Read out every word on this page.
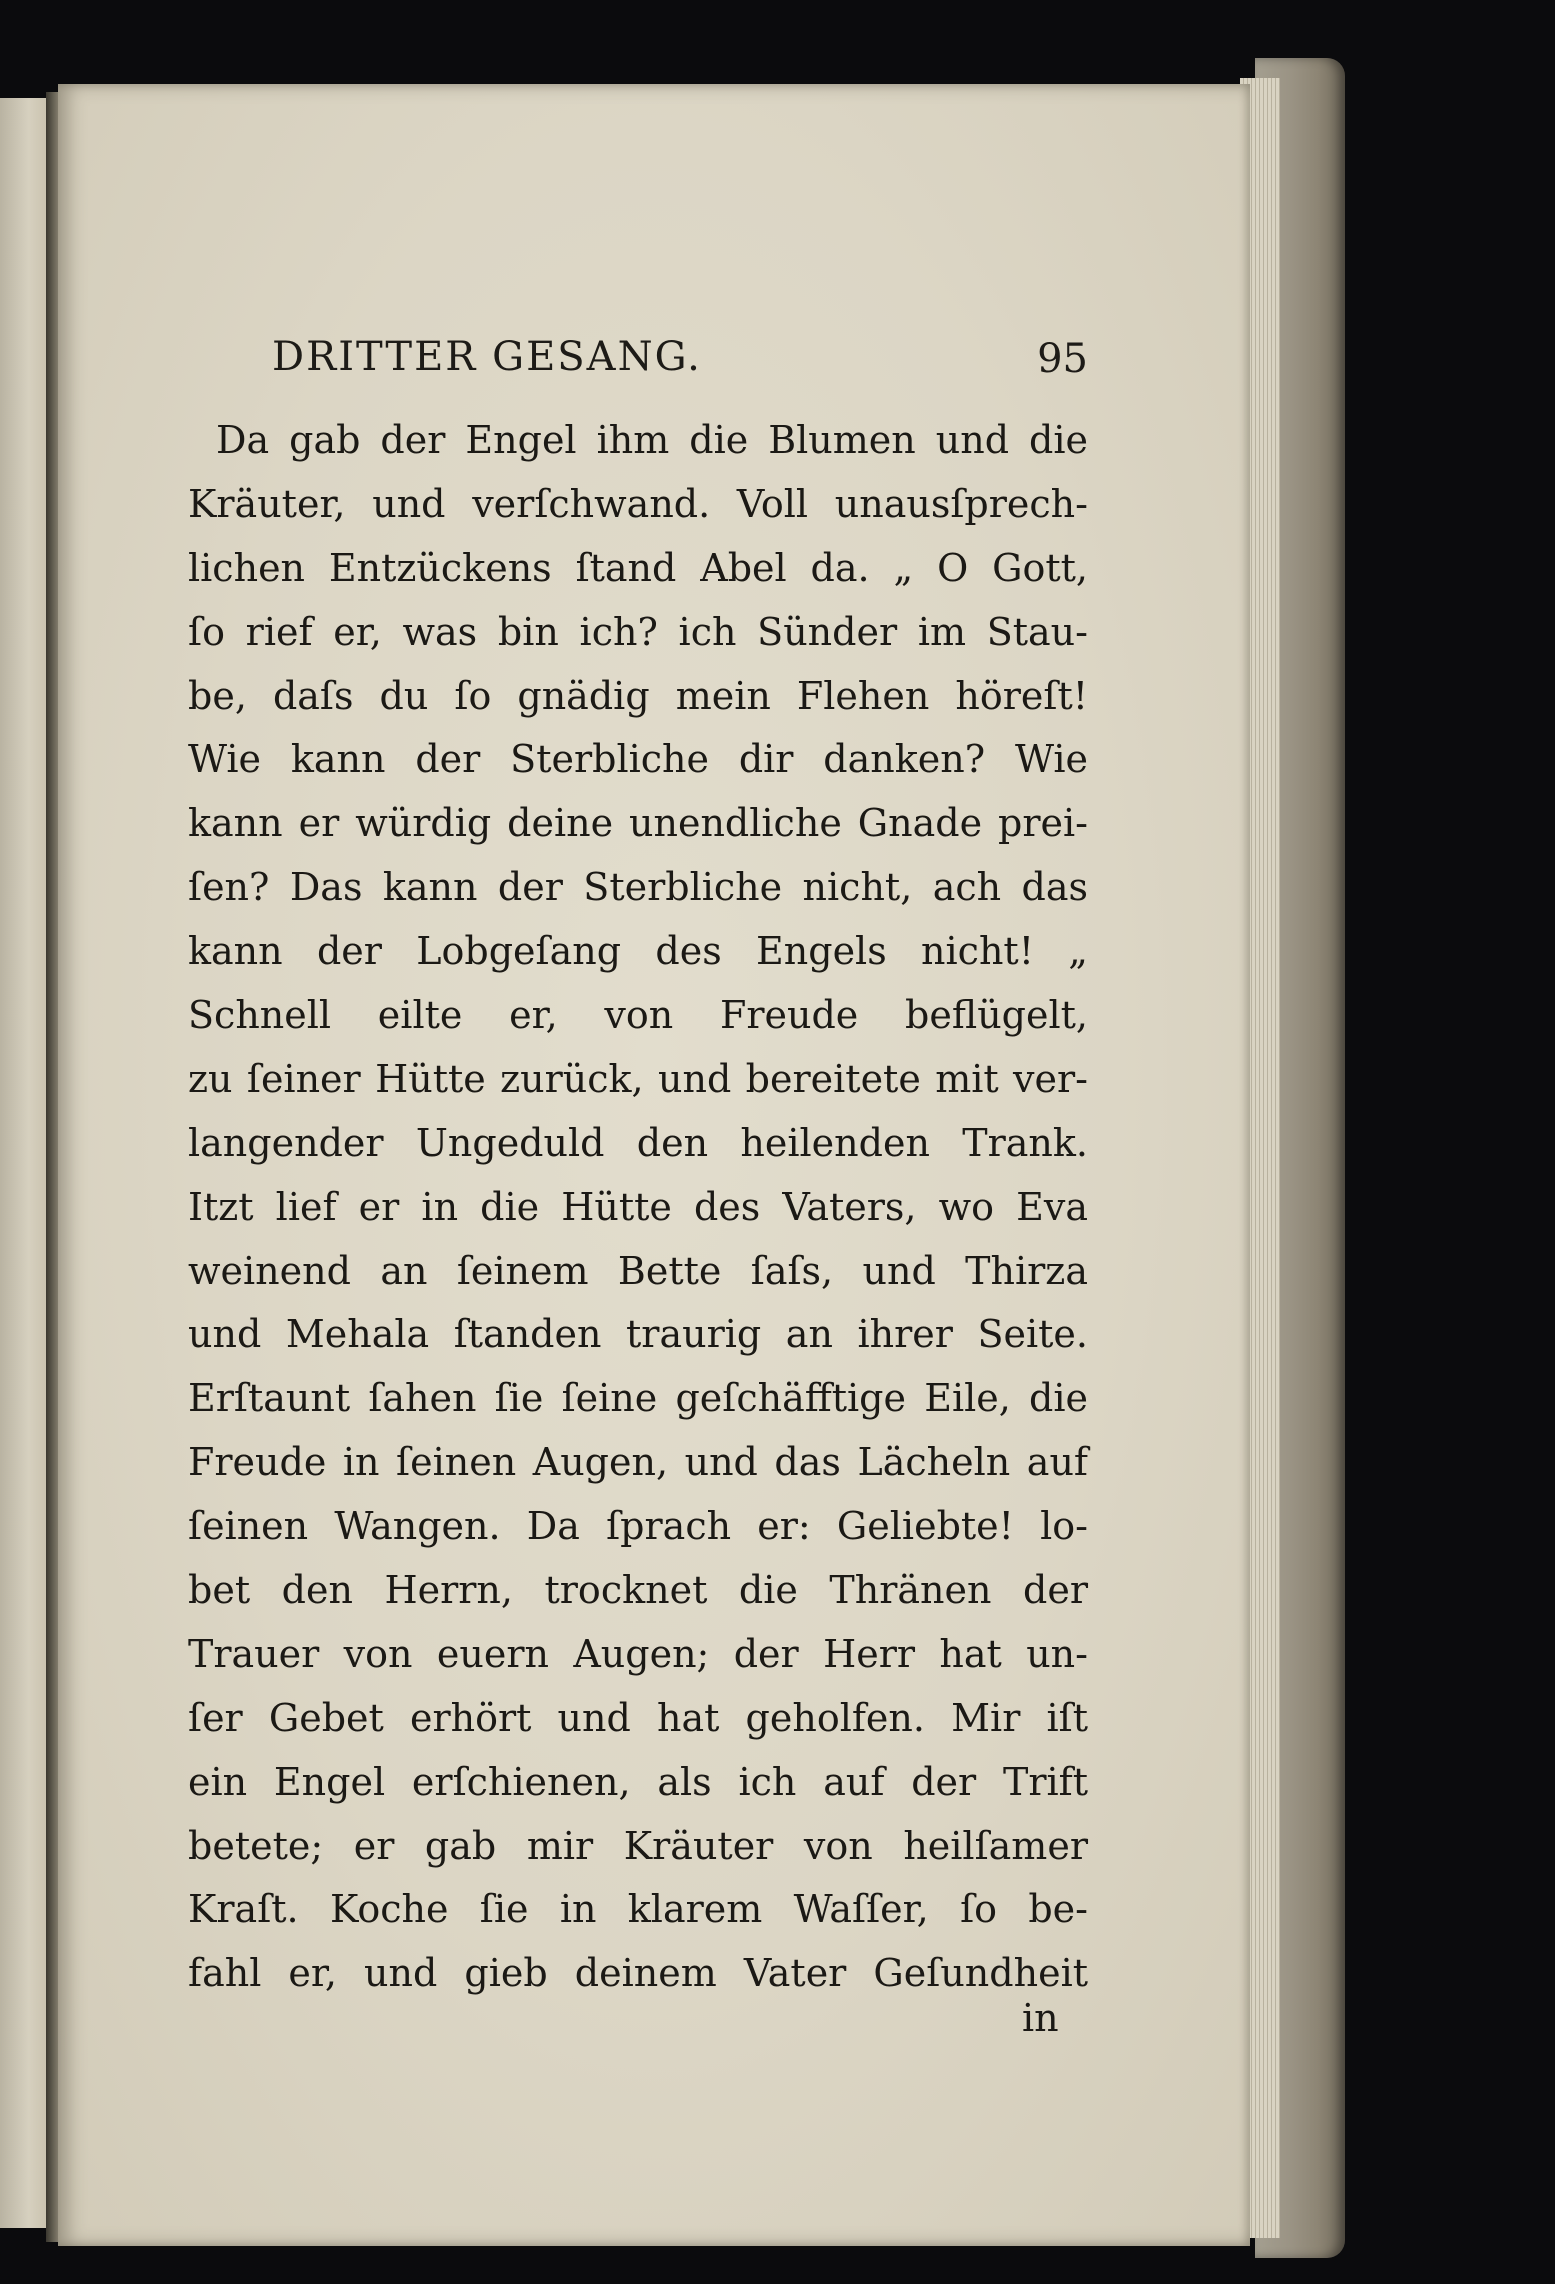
DRITTER GESANG.	95
Da gab der Engel ihm die Blumen und die
Kräuter, und verſchwand. Voll unausſprech-
lichen Entzückens ſtand Abel da. „ O Gott,
ſo rief er, was bin ich? ich Sünder im Stau-
be, daſs du ſo gnädig mein Flehen höreſt!
Wie kann der Sterbliche dir danken? Wie
kann er würdig deine unendliche Gnade prei-
ſen? Das kann der Sterbliche nicht, ach das
kann der Lobgeſang des Engels nicht! „
Schnell eilte er, von Freude beflügelt,
zu ſeiner Hütte zurück, und bereitete mit ver-
langender Ungeduld den heilenden Trank.
Itzt lief er in die Hütte des Vaters, wo Eva
weinend an ſeinem Bette ſaſs, und Thirza
und Mehala ſtanden traurig an ihrer Seite.
Erſtaunt ſahen ſie ſeine geſchäfftige Eile, die
Freude in ſeinen Augen, und das Lächeln auf
ſeinen Wangen. Da ſprach er: Geliebte! lo-
bet den Herrn, trocknet die Thränen der
Trauer von euern Augen; der Herr hat un-
ſer Gebet erhört und hat geholfen. Mir iſt
ein Engel erſchienen, als ich auf der Trift
betete; er gab mir Kräuter von heilſamer
Kraſt. Koche ſie in klarem Waſſer, ſo be-
fahl er, und gieb deinem Vater Geſundheit
in
